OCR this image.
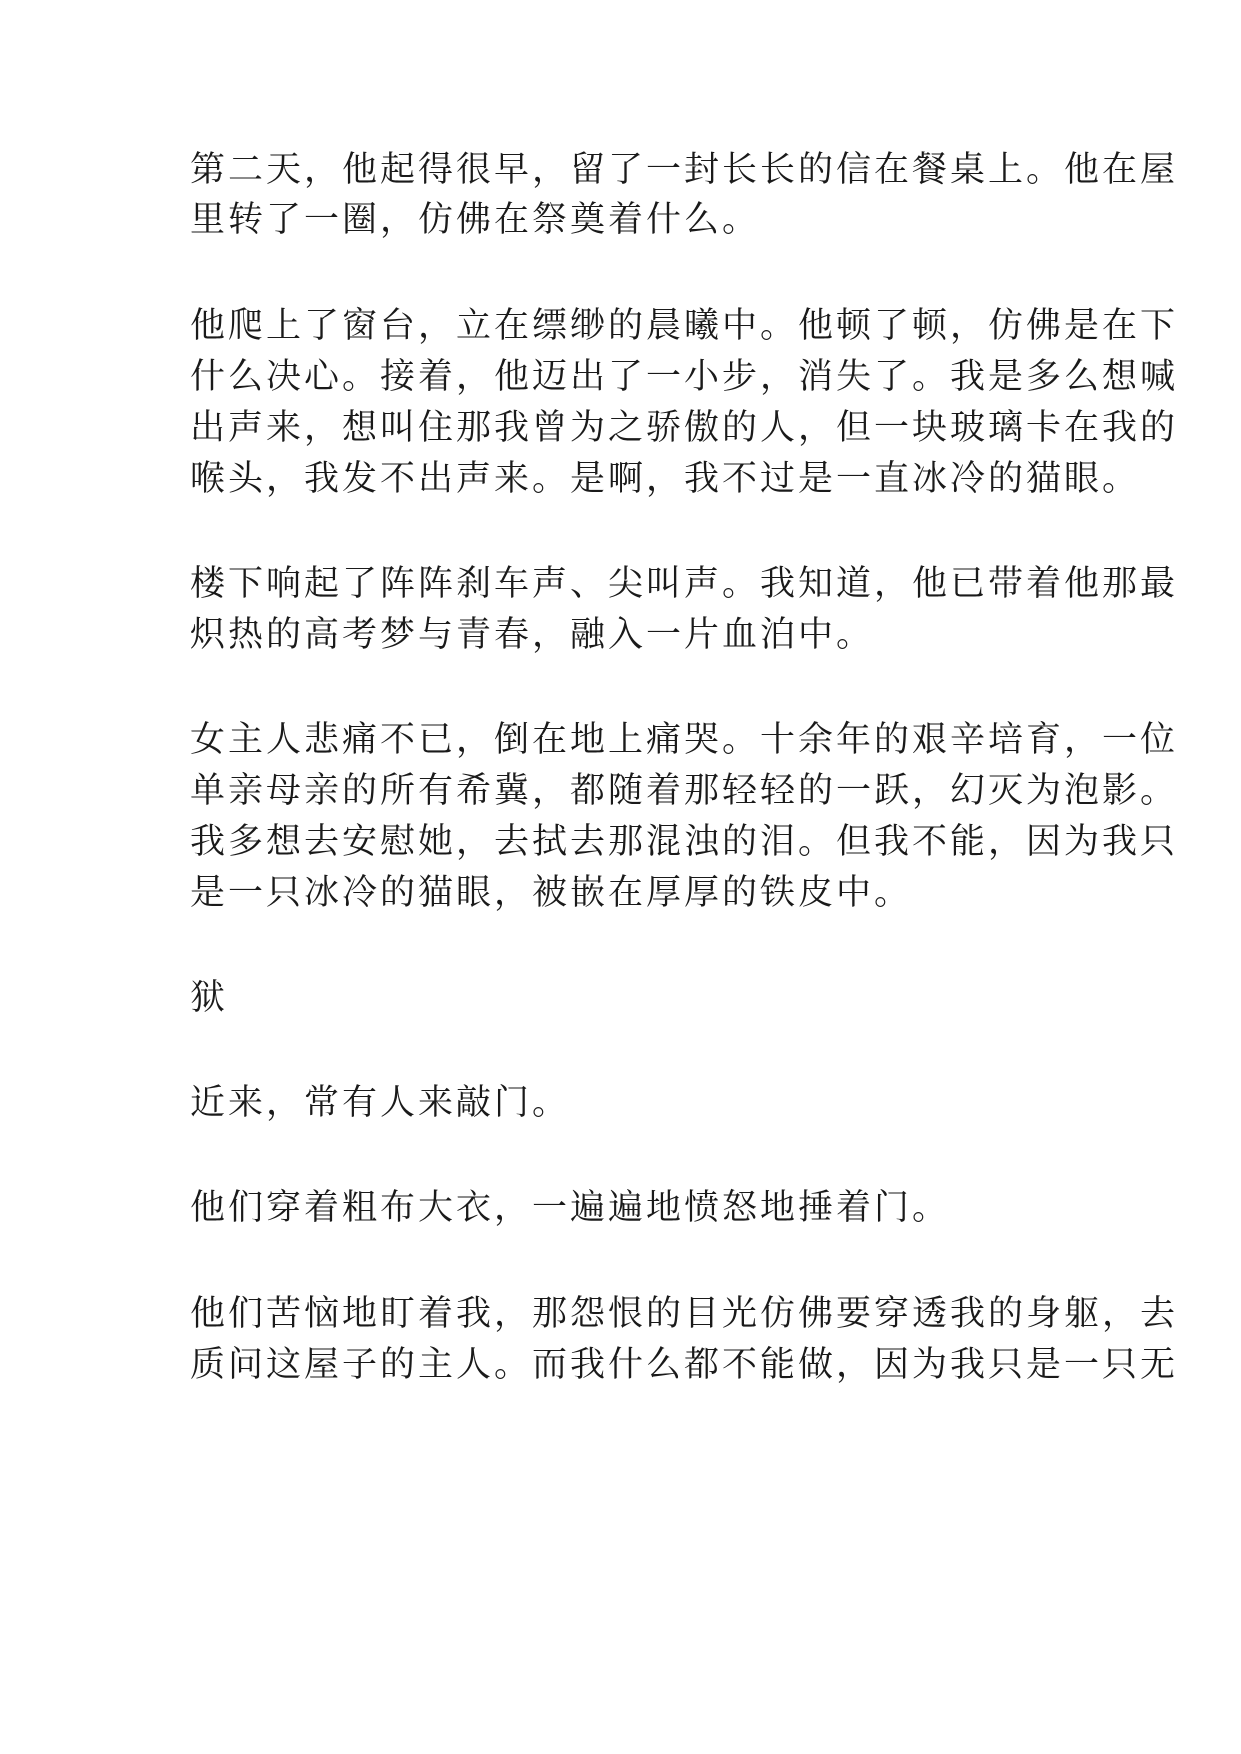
第二天，他起得很早，留了一封长长的信在餐桌上。他在屋

里转了一圈，仿佛在祭奠着什么。

他爬上了窗台，立在缥缈的晨曦中。他顿了顿，仿佛是在下

什么决心。接着，他迈出了一小步，消失了。我是多么想喊

出声来，想叫住那我曾为之骄傲的人，但一块玻璃卡在我的

喉头，我发不出声来。是啊，我不过是一直冰冷的猫眼。

楼下响起了阵阵刹车声、尖叫声。我知道，他已带着他那最

炽热的高考梦与青春，融入一片血泊中。

女主人悲痛不已，倒在地上痛哭。十余年的艰辛培育，一位

单亲母亲的所有希冀，都随着那轻轻的一跃，幻灭为泡影。

我多想去安慰她，去拭去那混浊的泪。但我不能，因为我只

是一只冰冷的猫眼，被嵌在厚厚的铁皮中。

狱

近来，常有人来敲门。

他们穿着粗布大衣，一遍遍地愤怒地捶着门。

他们苦恼地盯着我，那怨恨的目光仿佛要穿透我的身躯，去

质问这屋子的主人。而我什么都不能做，因为我只是一只无
